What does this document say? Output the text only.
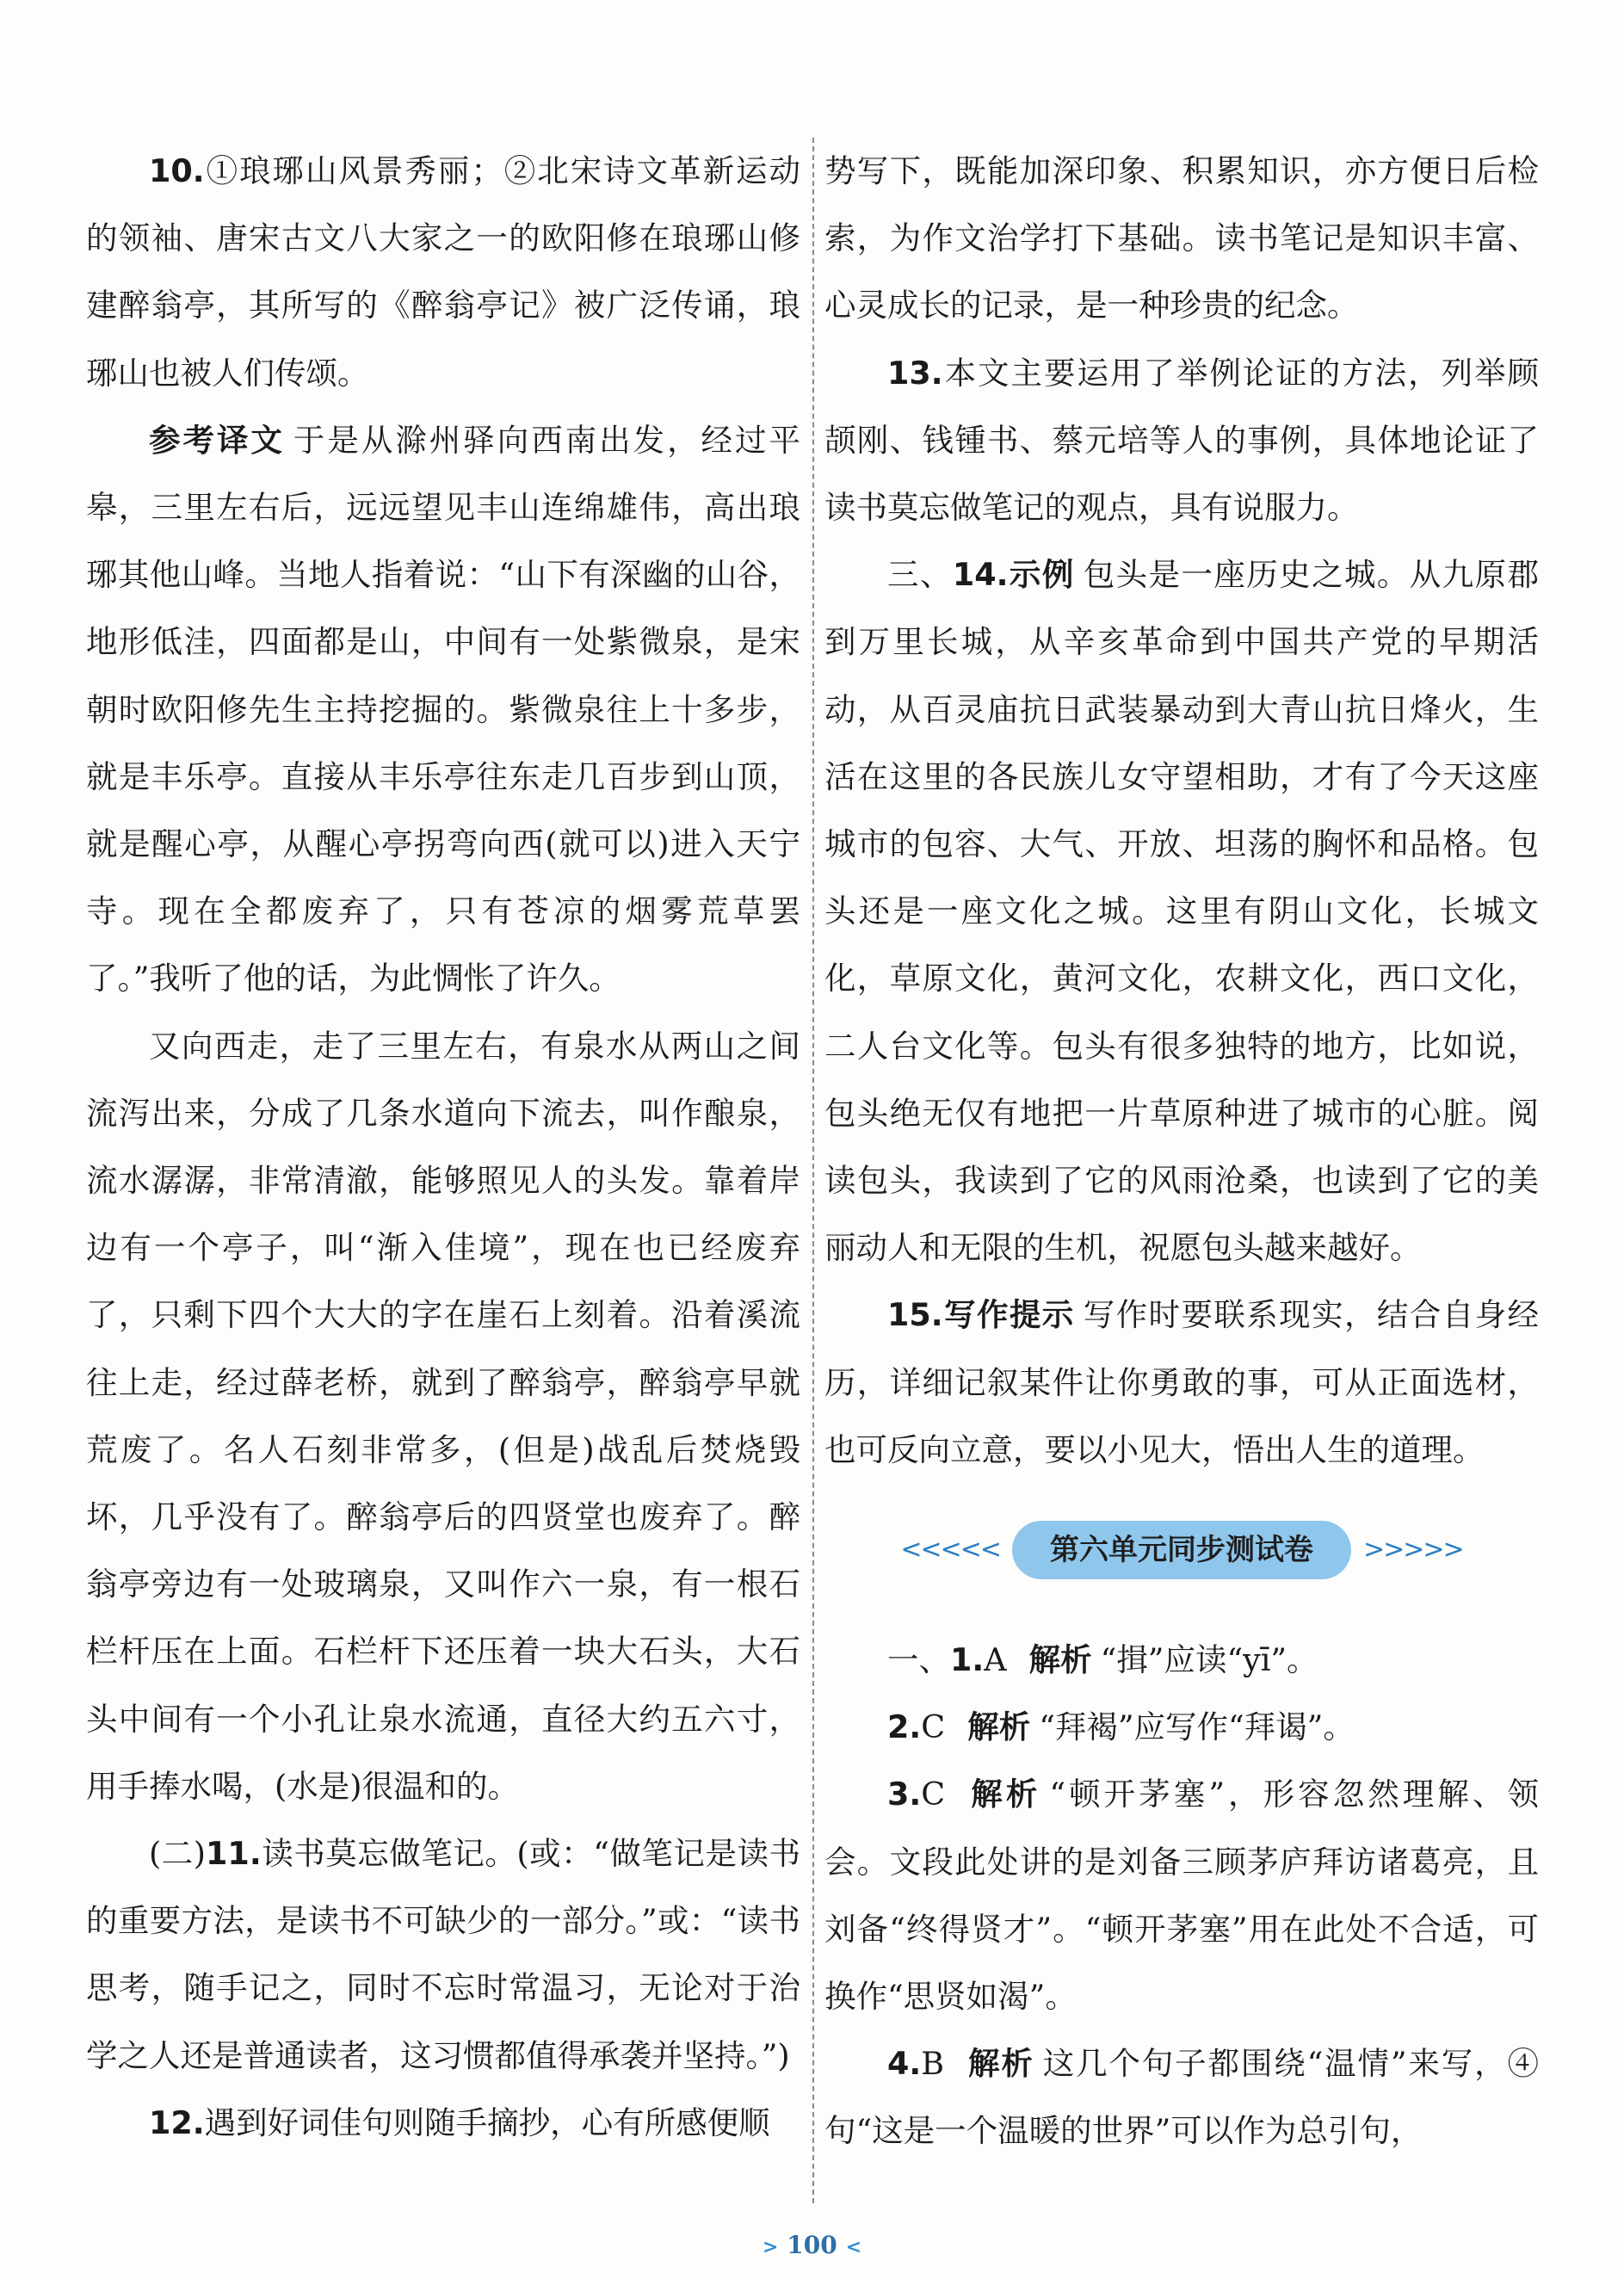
10.①琅琊山风景秀丽；②北宋诗文革新运动的领袖、唐宋古文八大家之一的欧阳修在琅琊山修建醉翁亭，其所写的《醉翁亭记》被广泛传诵，琅琊山也被人们传颂。

参考译文 于是从滁州驿向西南出发，经过平皋，三里左右后，远远望见丰山连绵雄伟，高出琅琊其他山峰。当地人指着说：“山下有深幽的山谷，地形低洼，四面都是山，中间有一处紫微泉，是宋朝时欧阳修先生主持挖掘的。紫微泉往上十多步，就是丰乐亭。直接从丰乐亭往东走几百步到山顶，就是醒心亭，从醒心亭拐弯向西(就可以)进入天宁寺。现在全都废弃了，只有苍凉的烟雾荒草罢了。”我听了他的话，为此惆怅了许久。

又向西走，走了三里左右，有泉水从两山之间流泻出来，分成了几条水道向下流去，叫作酿泉，流水潺潺，非常清澈，能够照见人的头发。靠着岸边有一个亭子，叫“渐入佳境”，现在也已经废弃了，只剩下四个大大的字在崖石上刻着。沿着溪流往上走，经过薛老桥，就到了醉翁亭，醉翁亭早就荒废了。名人石刻非常多，(但是)战乱后焚烧毁坏，几乎没有了。醉翁亭后的四贤堂也废弃了。醉翁亭旁边有一处玻璃泉，又叫作六一泉，有一根石栏杆压在上面。石栏杆下还压着一块大石头，大石头中间有一个小孔让泉水流通，直径大约五六寸，用手捧水喝，(水是)很温和的。

(二)11.读书莫忘做笔记。(或：“做笔记是读书的重要方法，是读书不可缺少的一部分。”或：“读书思考，随手记之，同时不忘时常温习，无论对于治学之人还是普通读者，这习惯都值得承袭并坚持。”)

12.遇到好词佳句则随手摘抄，心有所感便顺

势写下，既能加深印象、积累知识，亦方便日后检索，为作文治学打下基础。读书笔记是知识丰富、心灵成长的记录，是一种珍贵的纪念。

13.本文主要运用了举例论证的方法，列举顾颉刚、钱锺书、蔡元培等人的事例，具体地论证了读书莫忘做笔记的观点，具有说服力。

三、14.示例 包头是一座历史之城。从九原郡到万里长城，从辛亥革命到中国共产党的早期活动，从百灵庙抗日武装暴动到大青山抗日烽火，生活在这里的各民族儿女守望相助，才有了今天这座城市的包容、大气、开放、坦荡的胸怀和品格。包头还是一座文化之城。这里有阴山文化，长城文化，草原文化，黄河文化，农耕文化，西口文化，二人台文化等。包头有很多独特的地方，比如说，包头绝无仅有地把一片草原种进了城市的心脏。阅读包头，我读到了它的风雨沧桑，也读到了它的美丽动人和无限的生机，祝愿包头越来越好。

15.写作提示 写作时要联系现实，结合自身经历，详细记叙某件让你勇敢的事，可从正面选材，也可反向立意，要以小见大，悟出人生的道理。

<<<<<	第六单元同步测试卷	>>>>>

一、1.A 解析 “揖”应读“yī”。

2.C 解析 “拜褐”应写作“拜谒”。

3.C 解析 “顿开茅塞”，形容忽然理解、领会。文段此处讲的是刘备三顾茅庐拜访诸葛亮，且刘备“终得贤才”。“顿开茅塞”用在此处不合适，可换作“思贤如渴”。

4.B 解析 这几个句子都围绕“温情”来写，④句“这是一个温暖的世界”可以作为总引句，

> 100 <
